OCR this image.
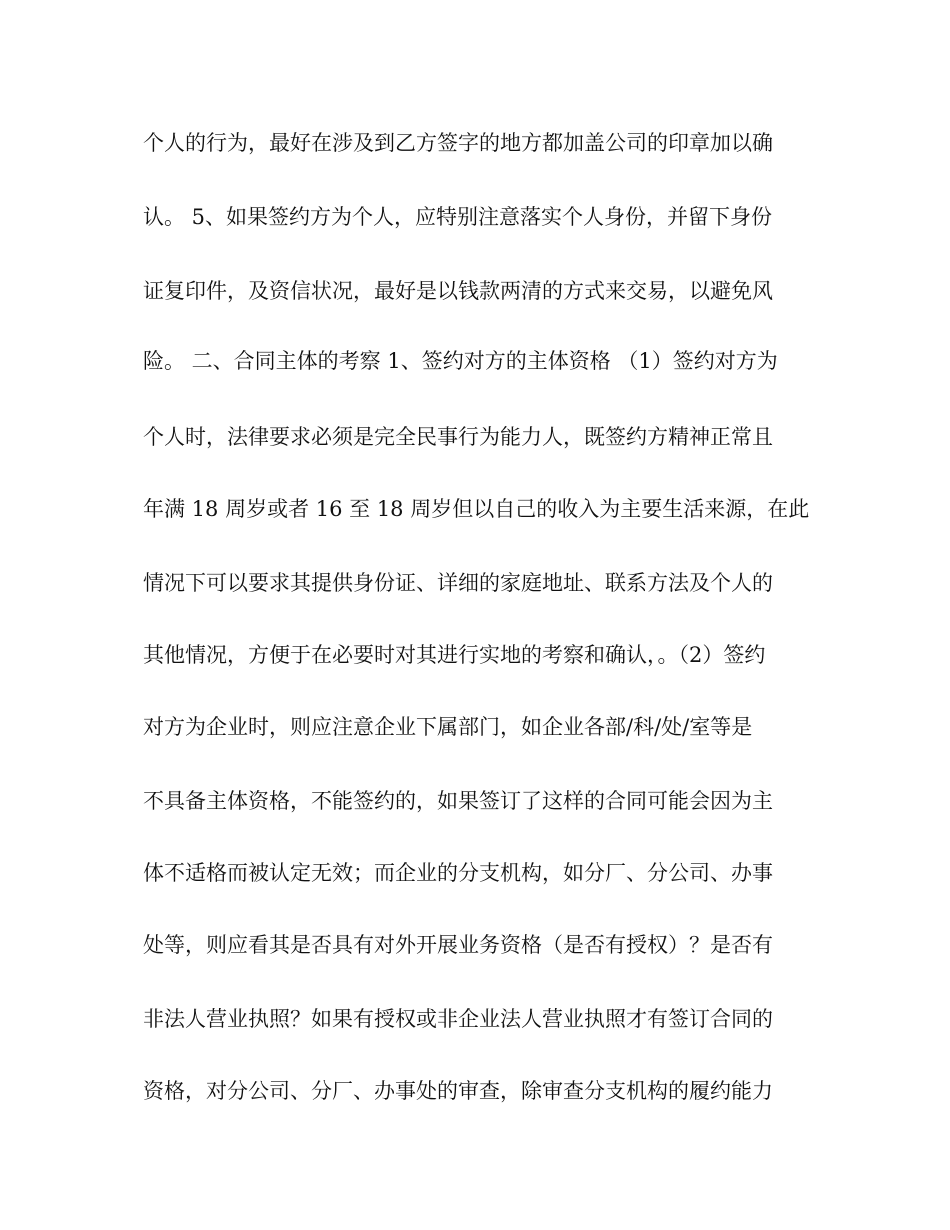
个人的行为，最好在涉及到乙方签字的地方都加盖公司的印章加以确
认。 5、如果签约方为个人，应特别注意落实个人身份，并留下身份
证复印件，及资信状况，最好是以钱款两清的方式来交易，以避免风
险。 二、合同主体的考察 1、签约对方的主体资格 （1）签约对方为
个人时，法律要求必须是完全民事行为能力人，既签约方精神正常且
年满 18 周岁或者 16 至 18 周岁但以自己的收入为主要生活来源，在此
情况下可以要求其提供身份证、详细的家庭地址、联系方法及个人的
其他情况，方便于在必要时对其进行实地的考察和确认，。（2）签约
对方为企业时，则应注意企业下属部门，如企业各部/科/处/室等是
不具备主体资格，不能签约的，如果签订了这样的合同可能会因为主
体不适格而被认定无效；而企业的分支机构，如分厂、分公司、办事
处等，则应看其是否具有对外开展业务资格（是否有授权）？是否有
非法人营业执照？如果有授权或非企业法人营业执照才有签订合同的
资格，对分公司、分厂、办事处的审查，除审查分支机构的履约能力
